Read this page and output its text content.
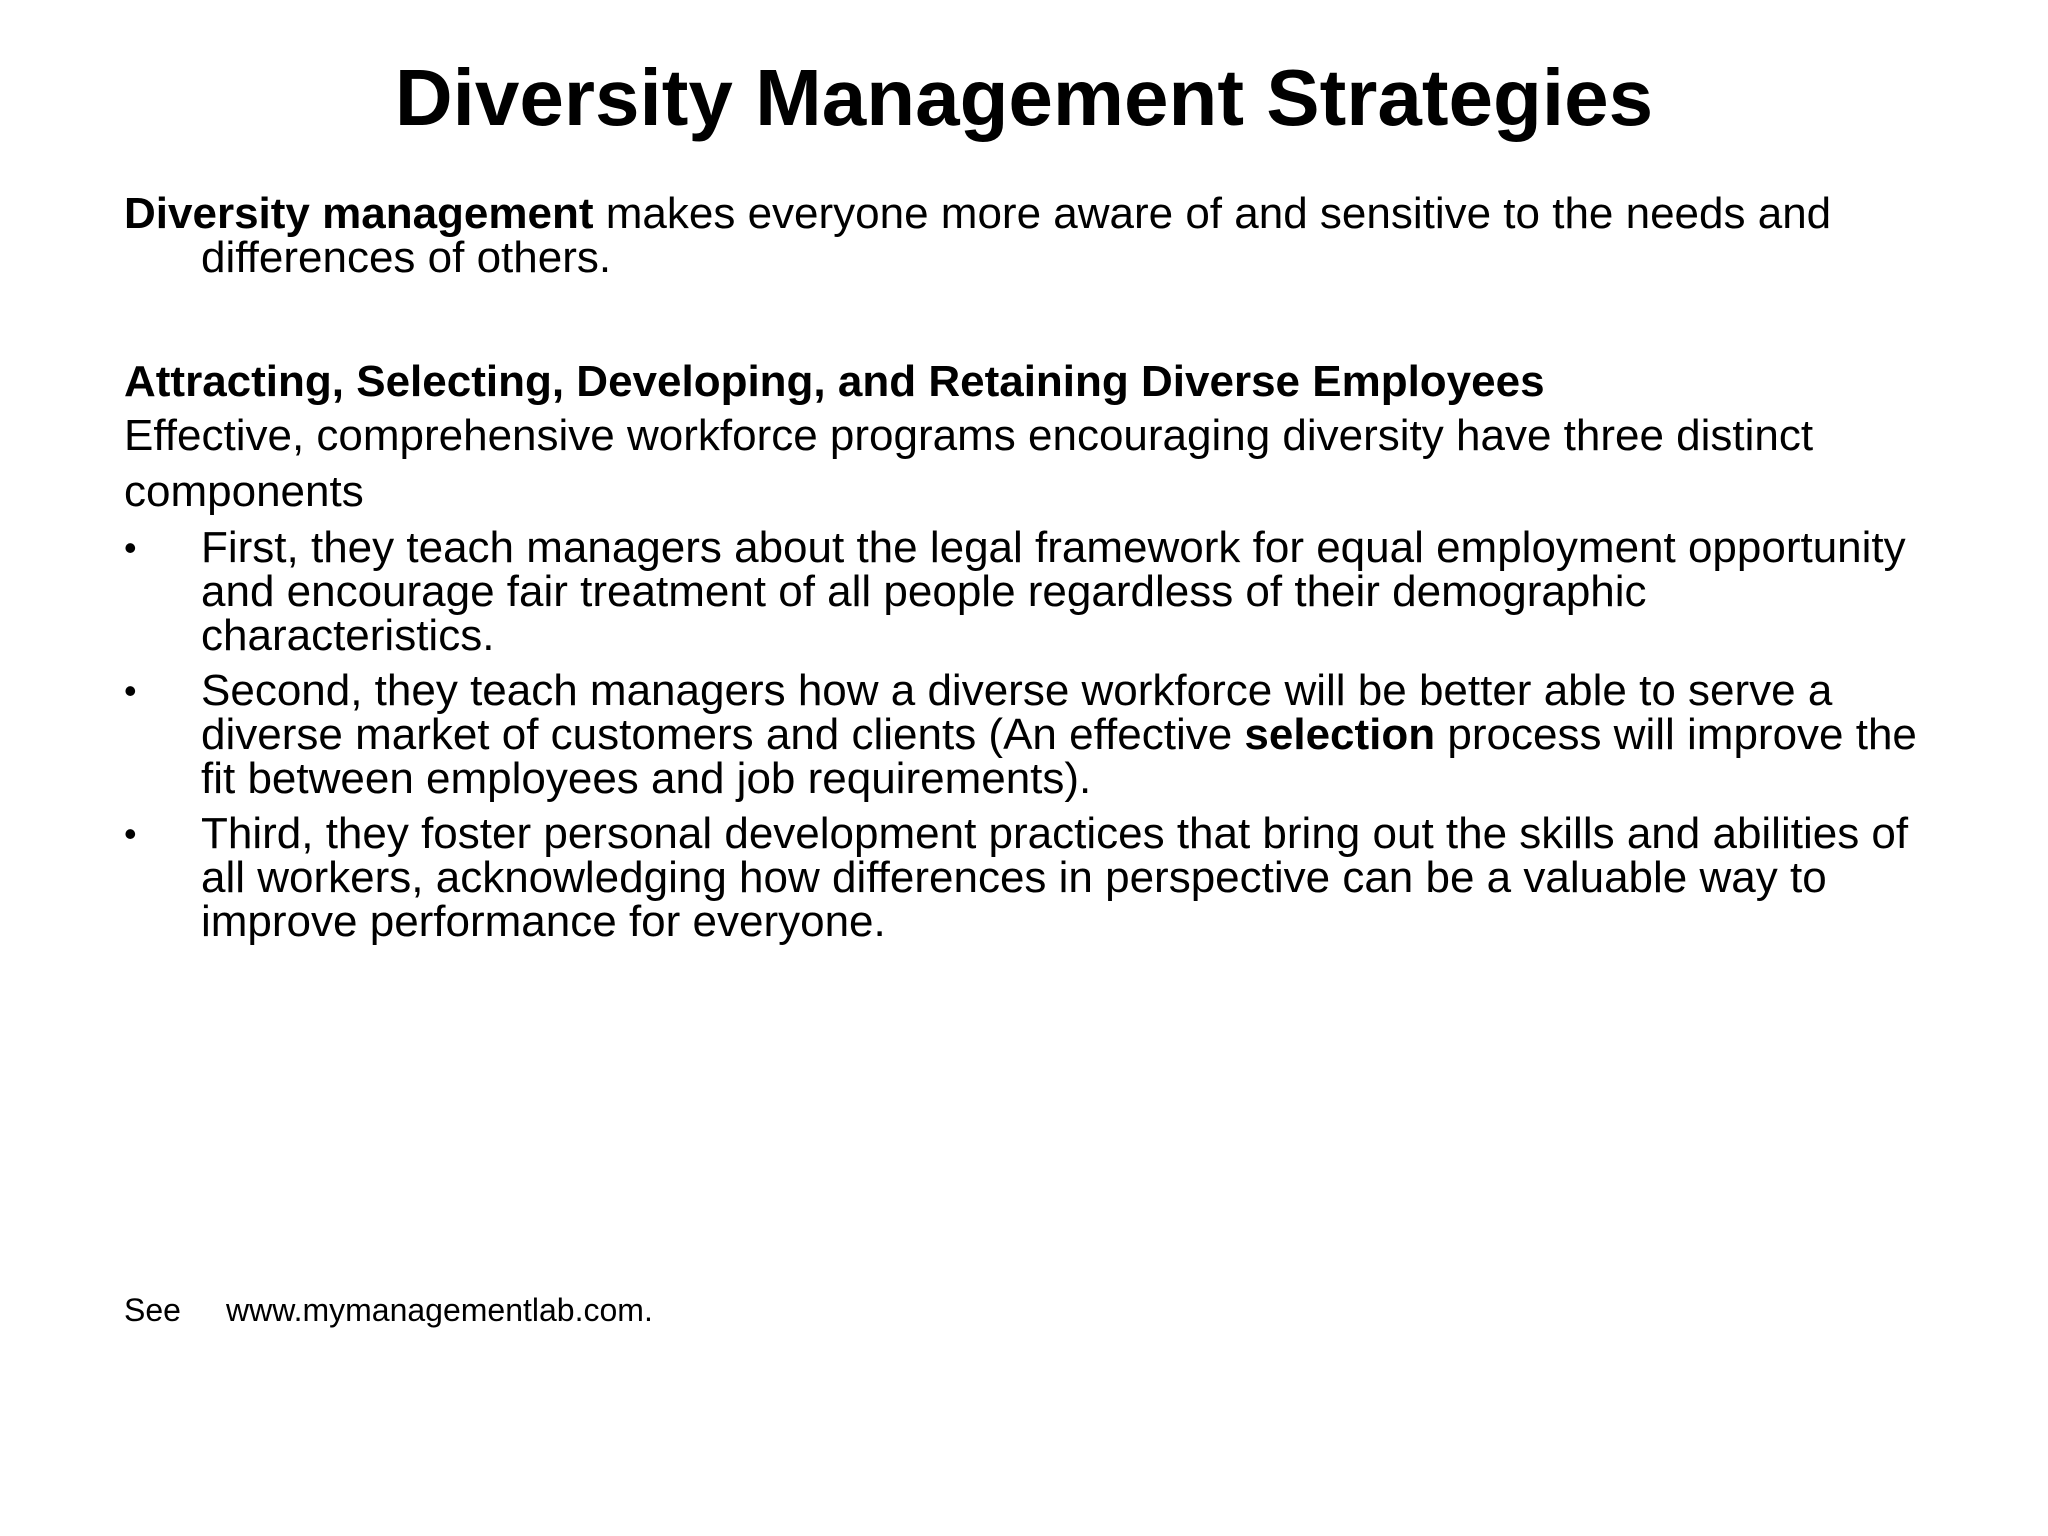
Diversity Management Strategies
Diversity management makes everyone more aware of and sensitive to the needs and differences of others.
Attracting, Selecting, Developing, and Retaining Diverse Employees
Effective, comprehensive workforce programs encouraging diversity have three distinct components
• First, they teach managers about the legal framework for equal employment opportunity and encourage fair treatment of all people regardless of their demographic characteristics.
• Second, they teach managers how a diverse workforce will be better able to serve a diverse market of customers and clients (An effective selection process will improve the fit between employees and job requirements).
• Third, they foster personal development practices that bring out the skills and abilities of all workers, acknowledging how differences in perspective can be a valuable way to improve performance for everyone.
See www.mymanagementlab.com.
